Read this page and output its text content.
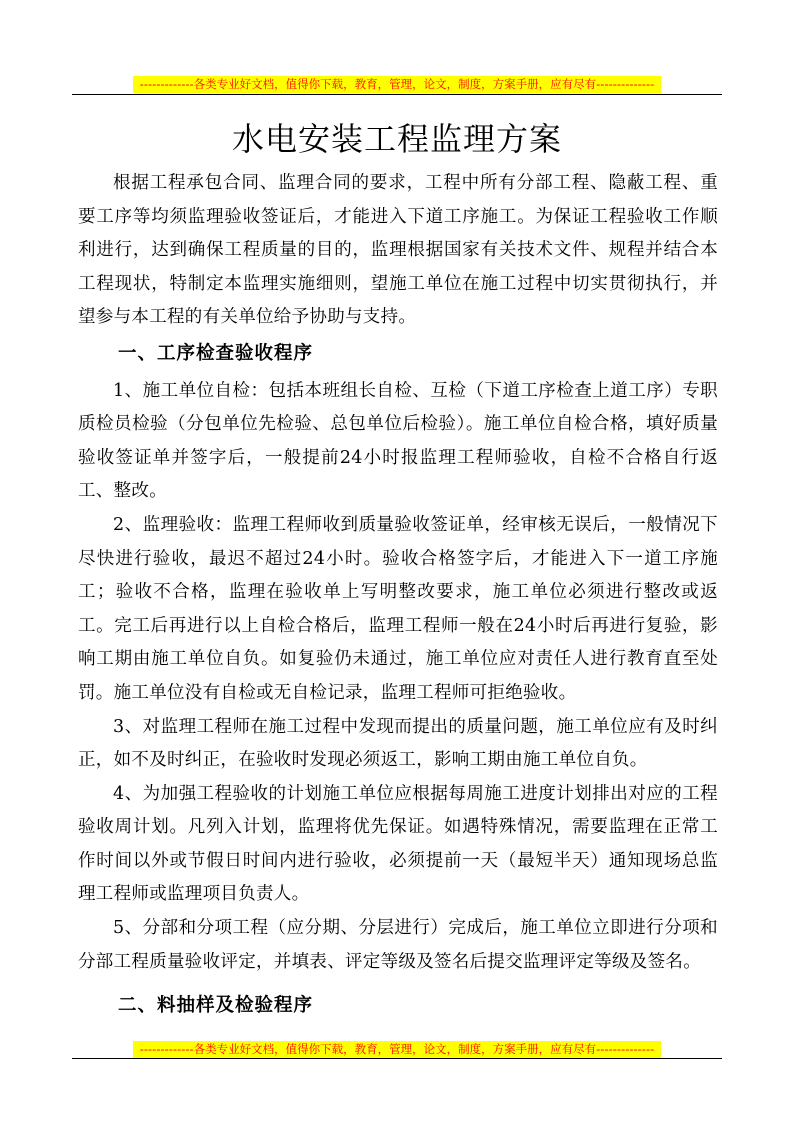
-------------各类专业好文档，值得你下载，教育，管理，论文，制度，方案手册，应有尽有--------------
水电安装工程监理方案

根据工程承包合同、监理合同的要求，工程中所有分部工程、隐蔽工程、重要工序等均须监理验收签证后，才能进入下道工序施工。为保证工程验收工作顺利进行，达到确保工程质量的目的，监理根据国家有关技术文件、规程并结合本工程现状，特制定本监理实施细则，望施工单位在施工过程中切实贯彻执行，并望参与本工程的有关单位给予协助与支持。

一、工序检查验收程序

1、施工单位自检：包括本班组长自检、互检（下道工序检查上道工序）专职质检员检验（分包单位先检验、总包单位后检验）。施工单位自检合格，填好质量验收签证单并签字后，一般提前24小时报监理工程师验收，自检不合格自行返工、整改。

2、监理验收：监理工程师收到质量验收签证单，经审核无误后，一般情况下尽快进行验收，最迟不超过24小时。验收合格签字后，才能进入下一道工序施工；验收不合格，监理在验收单上写明整改要求，施工单位必须进行整改或返工。完工后再进行以上自检合格后，监理工程师一般在24小时后再进行复验，影响工期由施工单位自负。如复验仍未通过，施工单位应对责任人进行教育直至处罚。施工单位没有自检或无自检记录，监理工程师可拒绝验收。

3、对监理工程师在施工过程中发现而提出的质量问题，施工单位应有及时纠正，如不及时纠正，在验收时发现必须返工，影响工期由施工单位自负。

4、为加强工程验收的计划施工单位应根据每周施工进度计划排出对应的工程验收周计划。凡列入计划，监理将优先保证。如遇特殊情况，需要监理在正常工作时间以外或节假日时间内进行验收，必须提前一天（最短半天）通知现场总监理工程师或监理项目负责人。

5、分部和分项工程（应分期、分层进行）完成后，施工单位立即进行分项和分部工程质量验收评定，并填表、评定等级及签名后提交监理评定等级及签名。

二、料抽样及检验程序

-------------各类专业好文档，值得你下载，教育，管理，论文，制度，方案手册，应有尽有--------------
